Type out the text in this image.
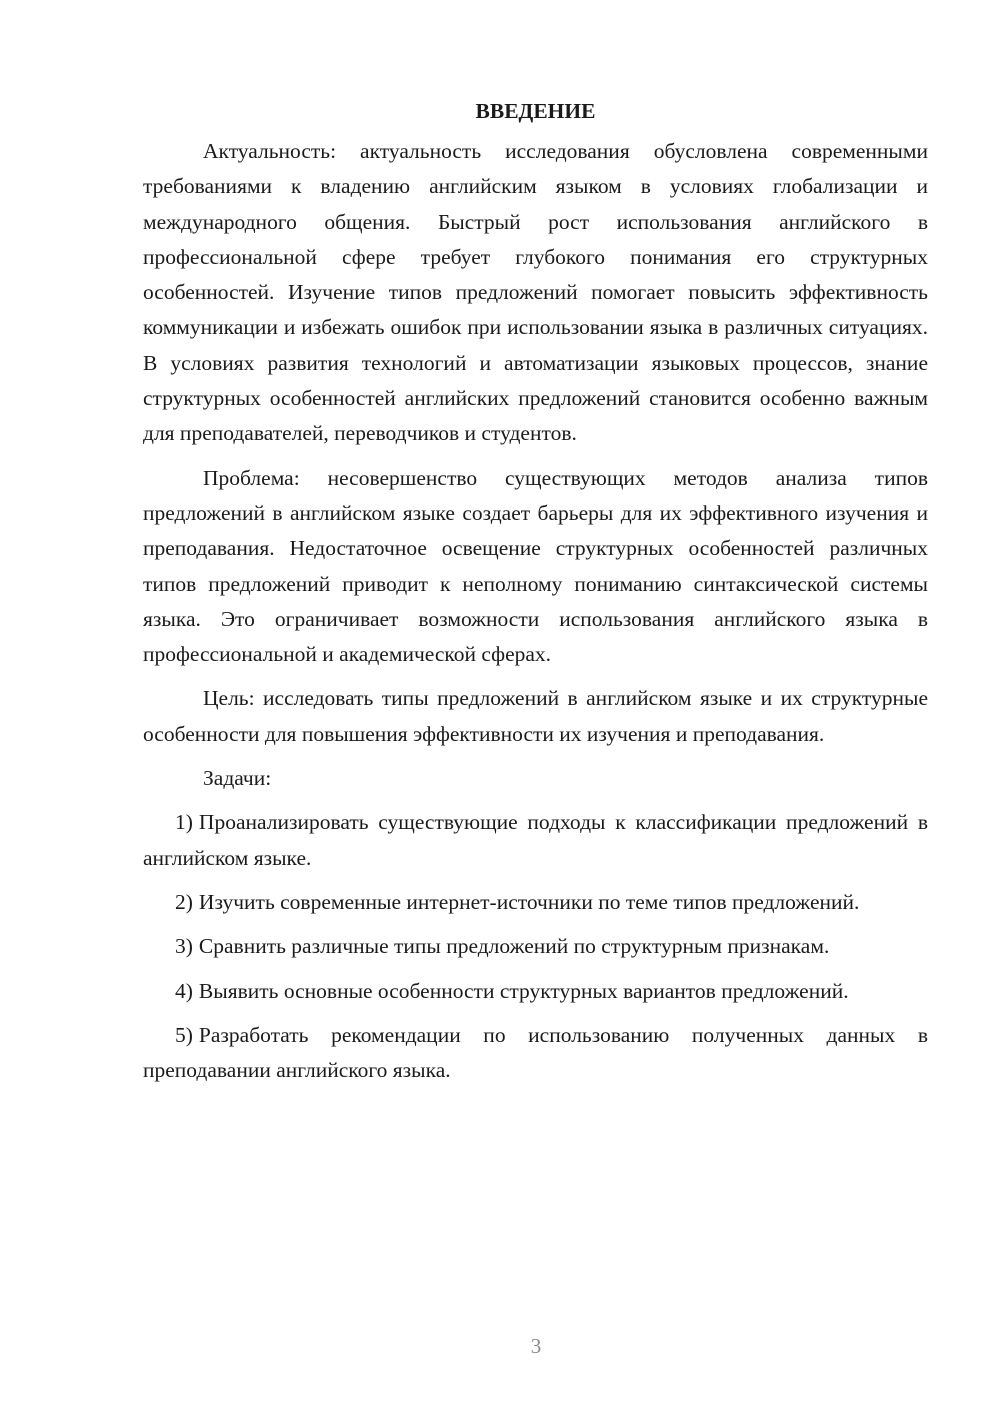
ВВЕДЕНИЕ

Актуальность: актуальность исследования обусловлена современными требованиями к владению английским языком в условиях глобализации и международного общения. Быстрый рост использования английского в профессиональной сфере требует глубокого понимания его структурных особенностей. Изучение типов предложений помогает повысить эффективность коммуникации и избежать ошибок при использовании языка в различных ситуациях. В условиях развития технологий и автоматизации языковых процессов, знание структурных особенностей английских предложений становится особенно важным для преподавателей, переводчиков и студентов.

Проблема: несовершенство существующих методов анализа типов предложений в английском языке создает барьеры для их эффективного изучения и преподавания. Недостаточное освещение структурных особенностей различных типов предложений приводит к неполному пониманию синтаксической системы языка. Это ограничивает возможности использования английского языка в профессиональной и академической сферах.

Цель: исследовать типы предложений в английском языке и их структурные особенности для повышения эффективности их изучения и преподавания.

Задачи:

1) Проанализировать существующие подходы к классификации предложений в английском языке.

2) Изучить современные интернет-источники по теме типов предложений.

3) Сравнить различные типы предложений по структурным признакам.

4) Выявить основные особенности структурных вариантов предложений.

5) Разработать рекомендации по использованию полученных данных в преподавании английского языка.

3
